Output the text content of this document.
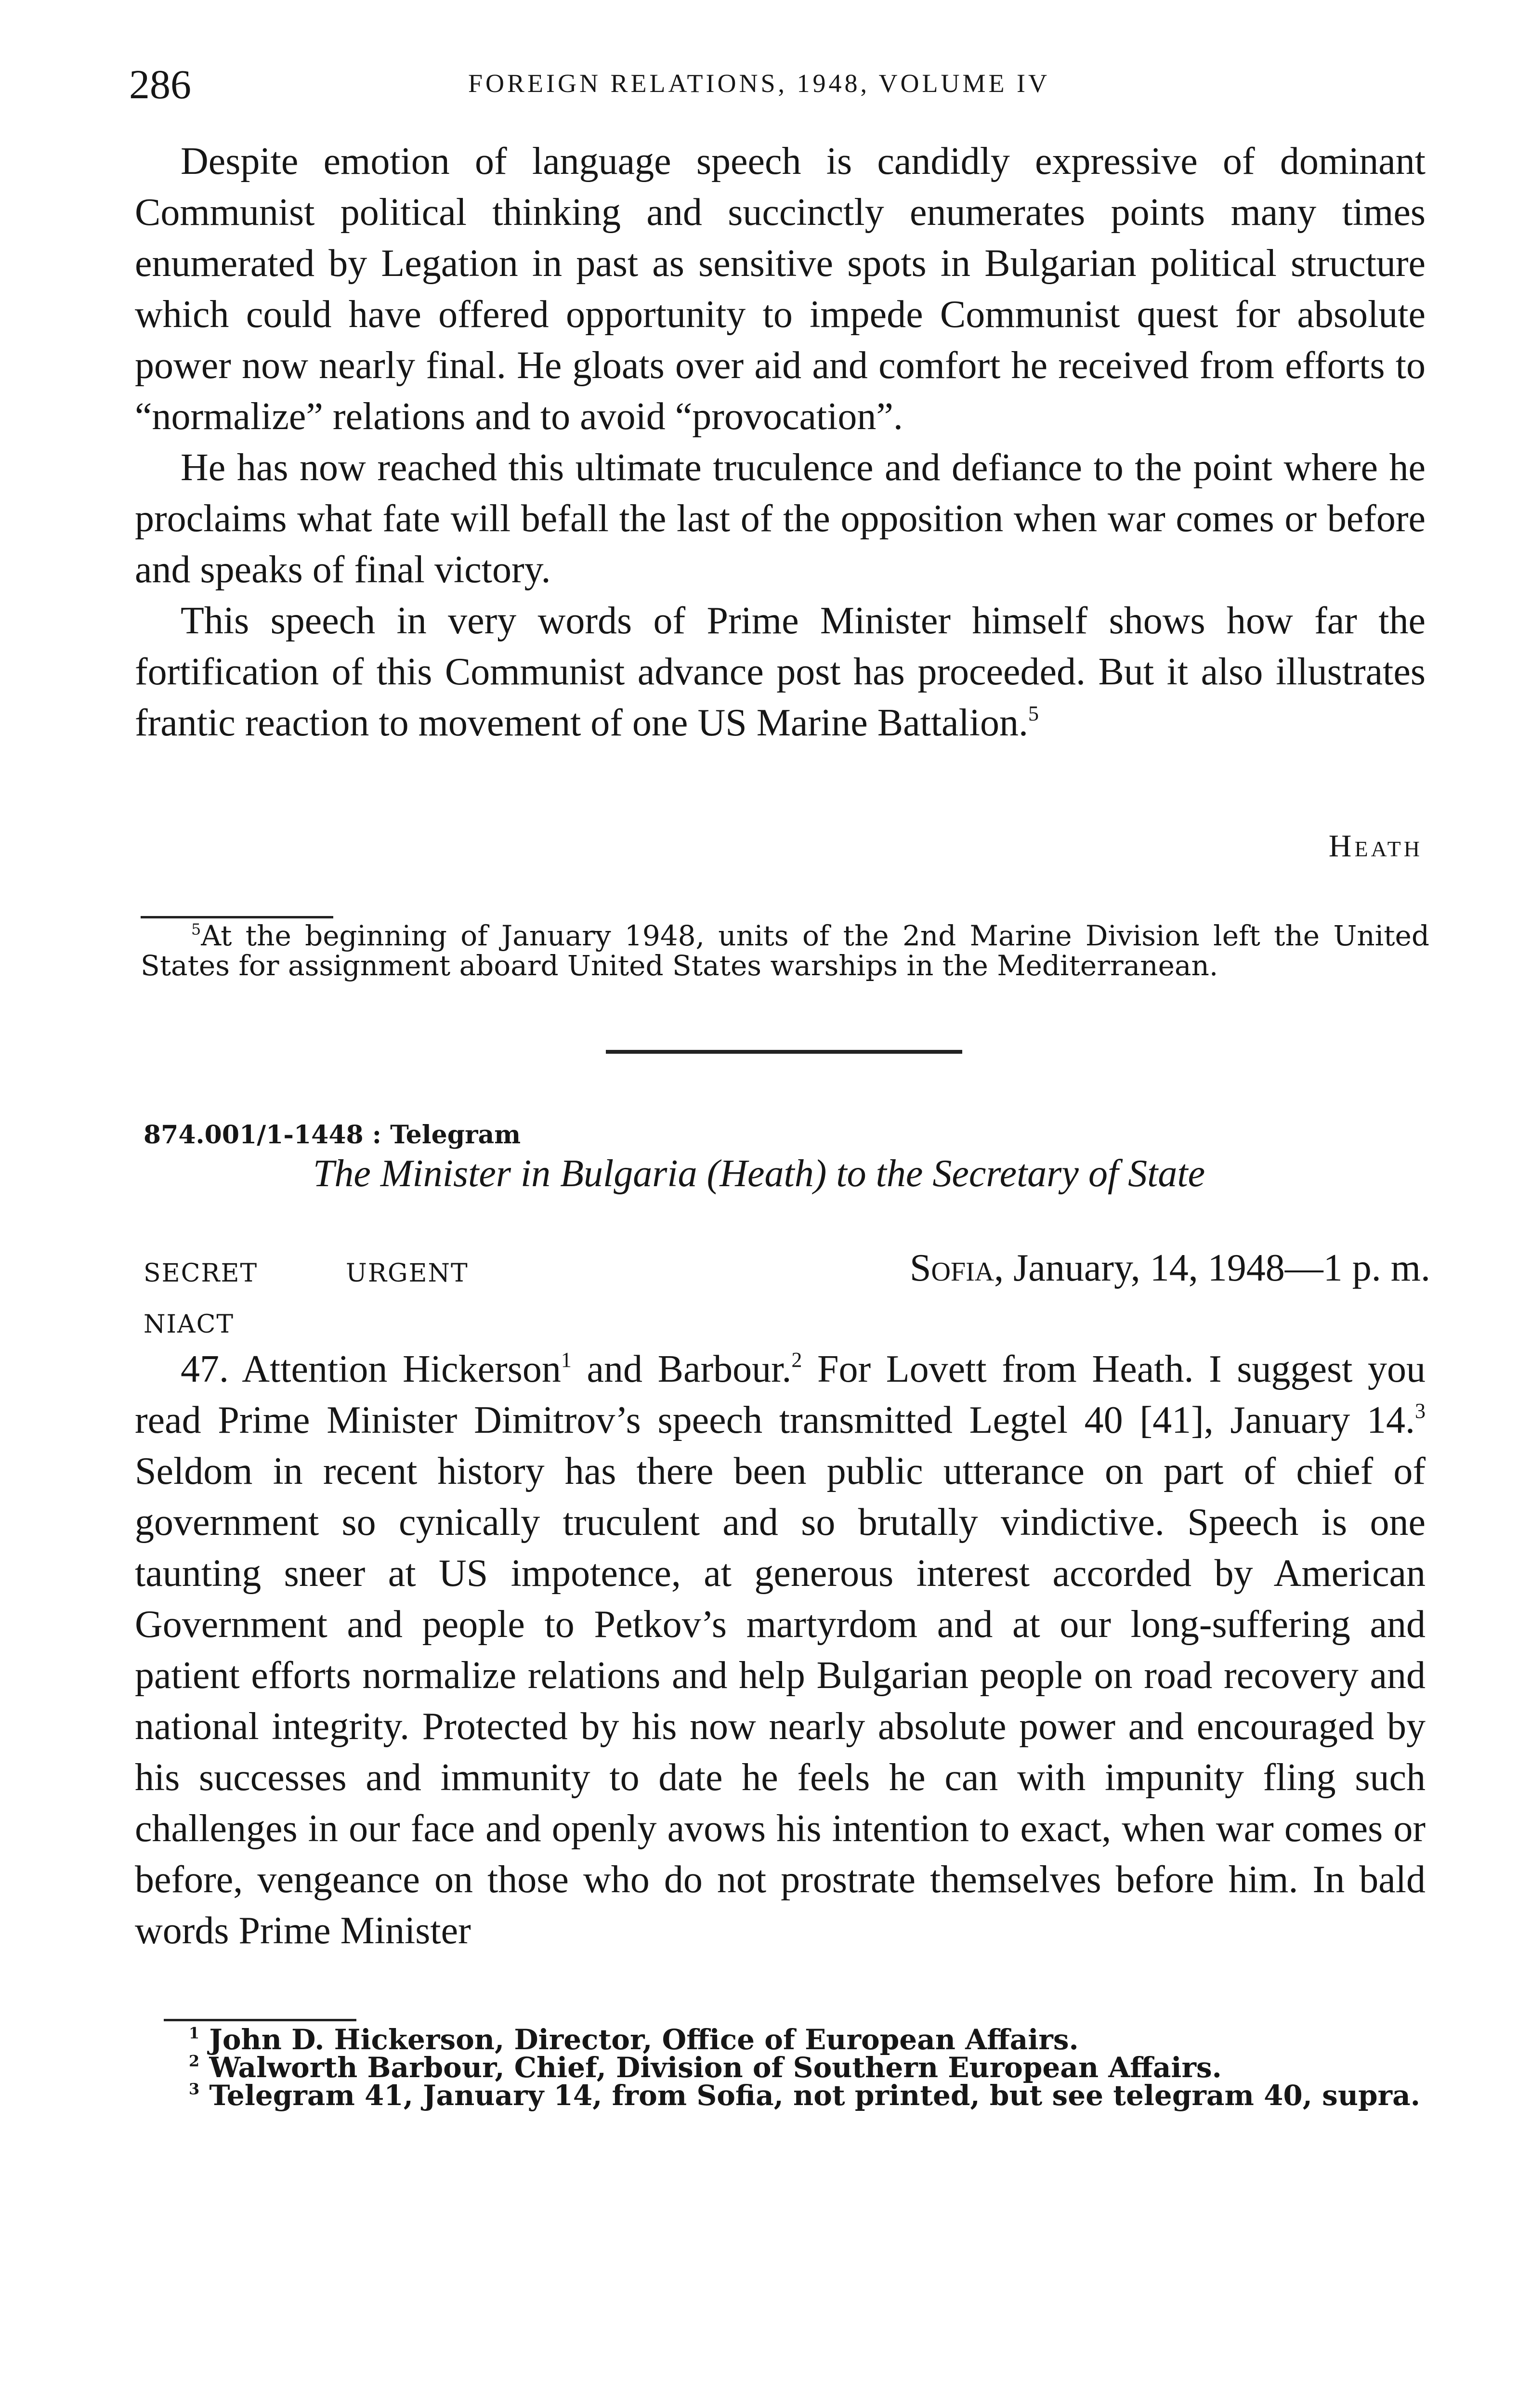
286	FOREIGN RELATIONS, 1948, VOLUME IV

Despite emotion of language speech is candidly expressive of dominant Communist political thinking and succinctly enumerates points many times enumerated by Legation in past as sensitive spots in Bulgarian political structure which could have offered opportunity to impede Communist quest for absolute power now nearly final. He gloats over aid and comfort he received from efforts to “normalize” relations and to avoid “provocation”.

He has now reached this ultimate truculence and defiance to the point where he proclaims what fate will befall the last of the opposition when war comes or before and speaks of final victory.

This speech in very words of Prime Minister himself shows how far the fortification of this Communist advance post has proceeded. But it also illustrates frantic reaction to movement of one US Marine Battalion.$^5$

Heath

$^5$At the beginning of January 1948, units of the 2nd Marine Division left the United States for assignment aboard United States warships in the Mediterranean.

874.001/1-1448 : Telegram
The Minister in Bulgaria (Heath) to the Secretary of State
SECRET	URGENT	Sofia, January, 14, 1948—1 p. m.
NIACT

47. Attention Hickerson$^1$ and Barbour.$^2$ For Lovett from Heath. I suggest you read Prime Minister Dimitrov’s speech transmitted Legtel 40 [41], January 14.$^3$ Seldom in recent history has there been public utterance on part of chief of government so cynically truculent and so brutally vindictive. Speech is one taunting sneer at US impotence, at generous interest accorded by American Government and people to Petkov’s martyrdom and at our long-suffering and patient efforts normalize relations and help Bulgarian people on road recovery and national integrity. Protected by his now nearly absolute power and encouraged by his successes and immunity to date he feels he can with impunity fling such challenges in our face and openly avows his intention to exact, when war comes or before, vengeance on those who do not prostrate themselves before him. In bald words Prime Minister

$^1$ John D. Hickerson, Director, Office of European Affairs.
$^2$ Walworth Barbour, Chief, Division of Southern European Affairs.
$^3$ Telegram 41, January 14, from Sofia, not printed, but see telegram 40, supra.
